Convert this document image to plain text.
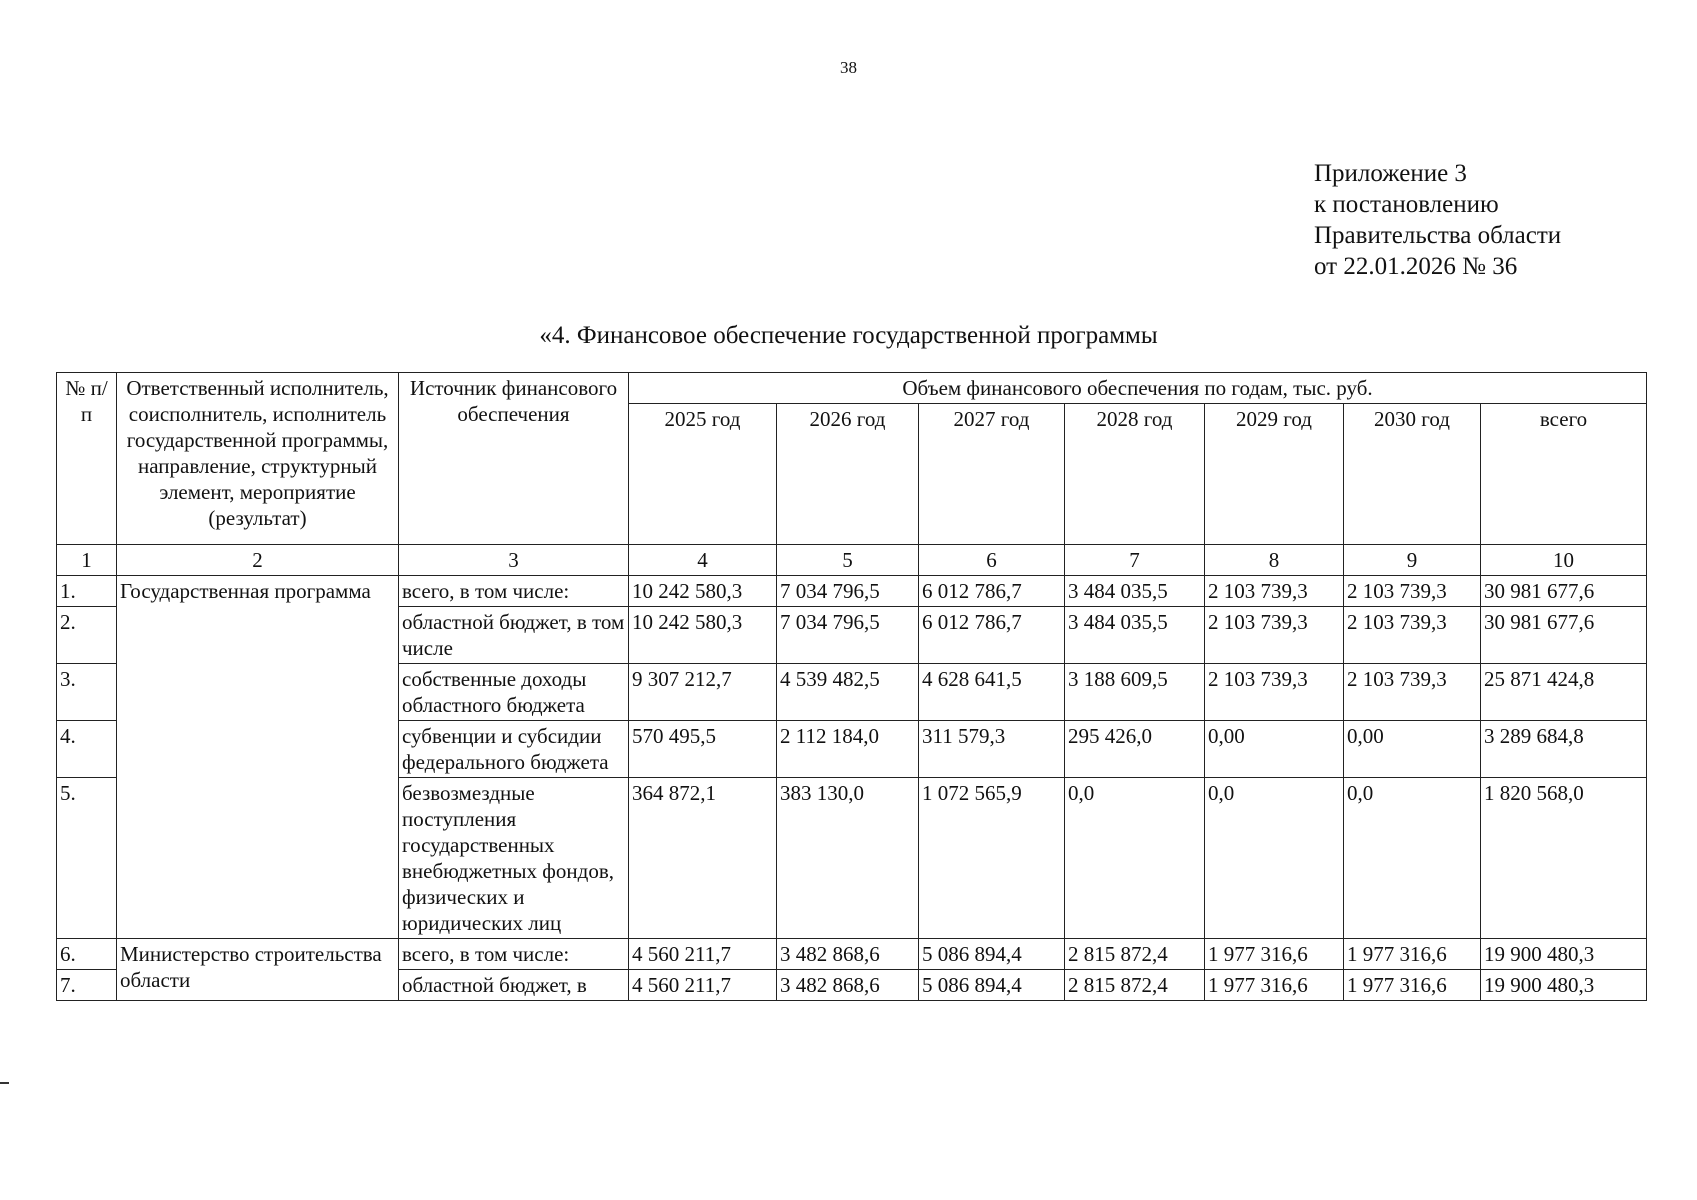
38
Приложение 3
к постановлению
Правительства области
от 22.01.2026 № 36
«4. Финансовое обеспечение государственной программы
№ п/п	Ответственный исполнитель, соисполнитель, исполнитель государственной программы, направление, структурный элемент, мероприятие (результат)	Источник финансового обеспечения	Объем финансового обеспечения по годам, тыс. руб.						
			2025 год	2026 год	2027 год	2028 год	2029 год	2030 год	всего
1	2	3	4	5	6	7	8	9	10
1.	Государственная программа	всего, в том числе:	10 242 580,3	7 034 796,5	6 012 786,7	3 484 035,5	2 103 739,3	2 103 739,3	30 981 677,6
2.		областной бюджет, в том числе	10 242 580,3	7 034 796,5	6 012 786,7	3 484 035,5	2 103 739,3	2 103 739,3	30 981 677,6
3.		собственные доходы областного бюджета	9 307 212,7	4 539 482,5	4 628 641,5	3 188 609,5	2 103 739,3	2 103 739,3	25 871 424,8
4.		субвенции и субсидии федерального бюджета	570 495,5	2 112 184,0	311 579,3	295 426,0	0,00	0,00	3 289 684,8
5.		безвозмездные поступления государственных внебюджетных фондов, физических и юридических лиц	364 872,1	383 130,0	1 072 565,9	0,0	0,0	0,0	1 820 568,0
6.	Министерство строительства области	всего, в том числе:	4 560 211,7	3 482 868,6	5 086 894,4	2 815 872,4	1 977 316,6	1 977 316,6	19 900 480,3
7.		областной бюджет, в	4 560 211,7	3 482 868,6	5 086 894,4	2 815 872,4	1 977 316,6	1 977 316,6	19 900 480,3
